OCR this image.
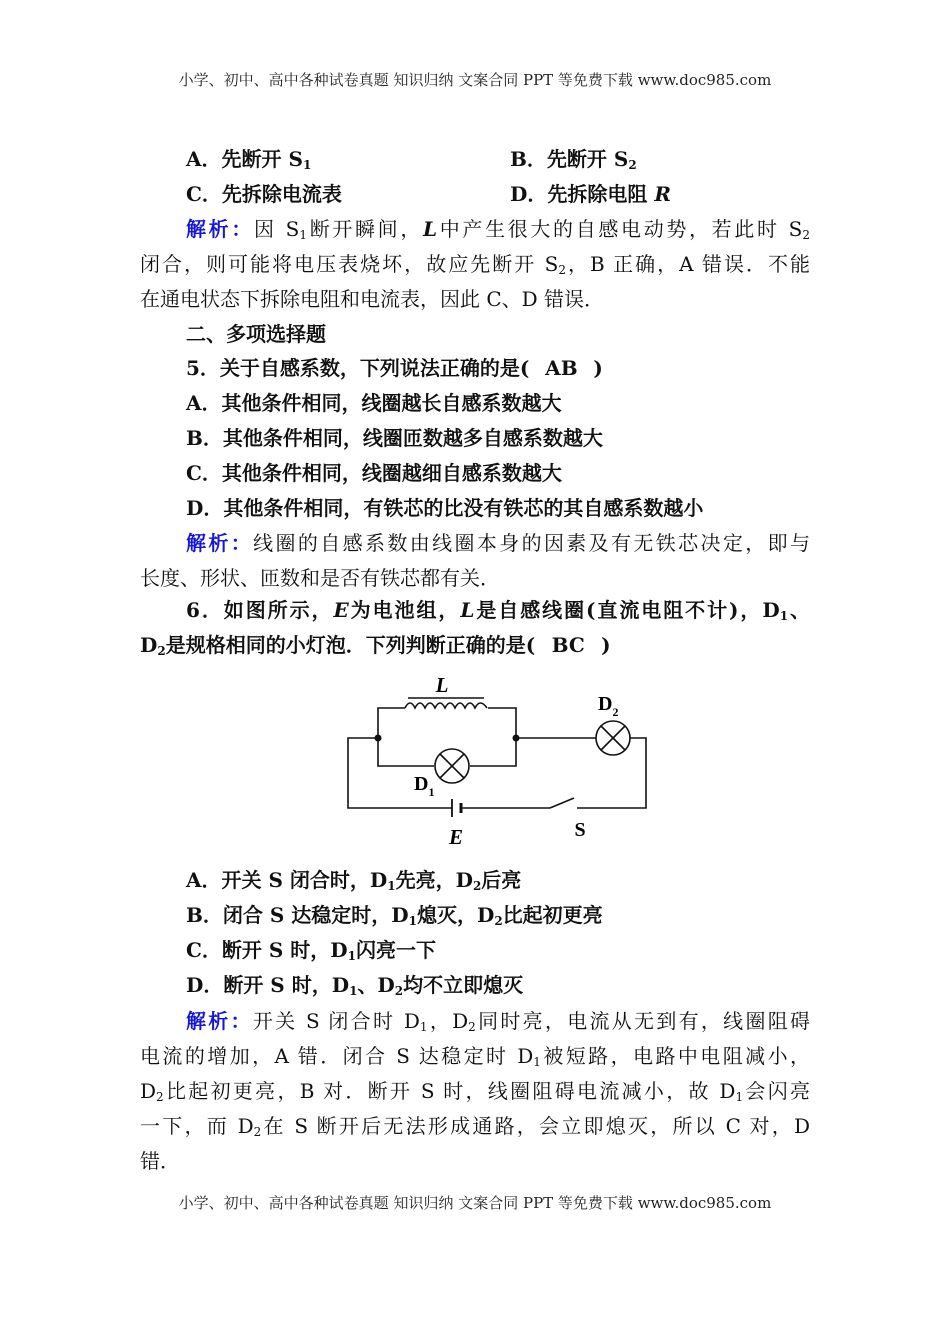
小学、初中、高中各种试卷真题 知识归纳 文案合同 PPT 等免费下载 www.doc985.com
A．先断开 $S_1$	B．先断开 $S_2$
C．先拆除电流表	D．先拆除电阻 R
解析：因 $S_1$断开瞬间，L中产生很大的自感电动势，若此时 $S_2$
闭合，则可能将电压表烧坏，故应先断开 $S_2$，B 正确，A 错误．不能
在通电状态下拆除电阻和电流表，因此 C、D 错误．
二、多项选择题
5．关于自感系数，下列说法正确的是( AB )
A．其他条件相同，线圈越长自感系数越大
B．其他条件相同，线圈匝数越多自感系数越大
C．其他条件相同，线圈越细自感系数越大
D．其他条件相同，有铁芯的比没有铁芯的其自感系数越小
解析：线圈的自感系数由线圈本身的因素及有无铁芯决定，即与
长度、形状、匝数和是否有铁芯都有关．
6．如图所示，E为电池组，L是自感线圈(直流电阻不计)，$D_1$、
$D_2$是规格相同的小灯泡．下列判断正确的是( BC )
L
E	S
$D_1$
$D_2$
A．开关 S 闭合时，$D_1$先亮，$D_2$后亮
B．闭合 S 达稳定时，$D_1$熄灭，$D_2$比起初更亮
C．断开 S 时，$D_1$闪亮一下
D．断开 S 时，$D_1$、$D_2$均不立即熄灭
解析：开关 S 闭合时 $D_1$，$D_2$同时亮，电流从无到有，线圈阻碍
电流的增加，A 错．闭合 S 达稳定时 $D_1$被短路，电路中电阻减小，
$D_2$比起初更亮，B 对．断开 S 时，线圈阻碍电流减小，故 $D_1$会闪亮
一下，而 $D_2$在 S 断开后无法形成通路，会立即熄灭，所以 C 对，D
错．
小学、初中、高中各种试卷真题 知识归纳 文案合同 PPT 等免费下载 www.doc985.com
